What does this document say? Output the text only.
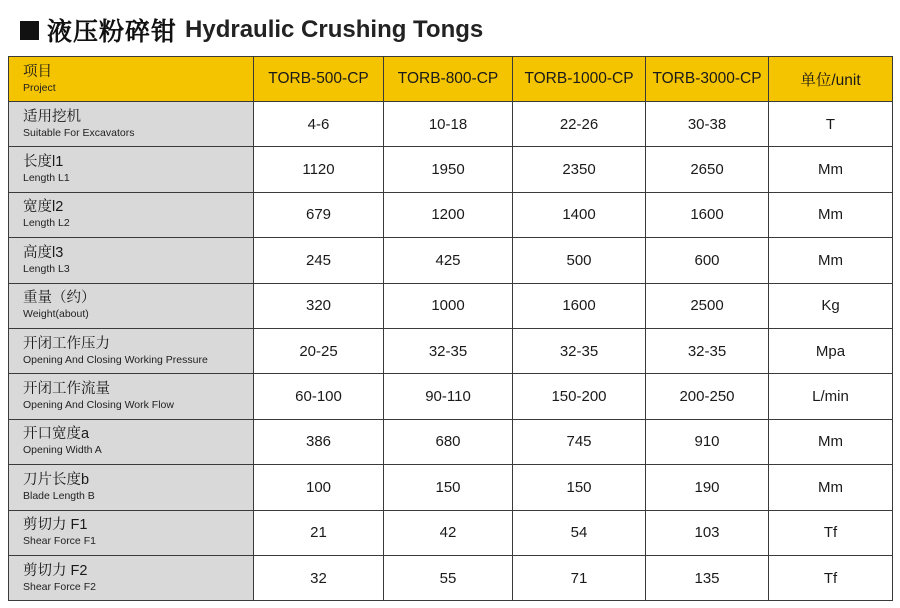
液压粉碎钳 Hydraulic Crushing Tongs
项目
Project	TORB-500-CP	TORB-800-CP	TORB-1000-CP	TORB-3000-CP	单位/unit

适用挖机
Suitable For Excavators	4-6	10-18	22-26	30-38	T

长度l1
Length L1	1120	1950	2350	2650	Mm

宽度l2
Length L2	679	1200	1400	1600	Mm

高度l3
Length L3	245	425	500	600	Mm

重量（约）
Weight(about)	320	1000	1600	2500	Kg

开闭工作压力
Opening And Closing Working Pressure	20-25	32-35	32-35	32-35	Mpa

开闭工作流量
Opening And Closing Work Flow	60-100	90-110	150-200	200-250	L/min

开口宽度a
Opening Width A	386	680	745	910	Mm

刀片长度b
Blade Length B	100	150	150	190	Mm

剪切力 F1
Shear Force F1	21	42	54	103	Tf

剪切力 F2
Shear Force F2	32	55	71	135	Tf
